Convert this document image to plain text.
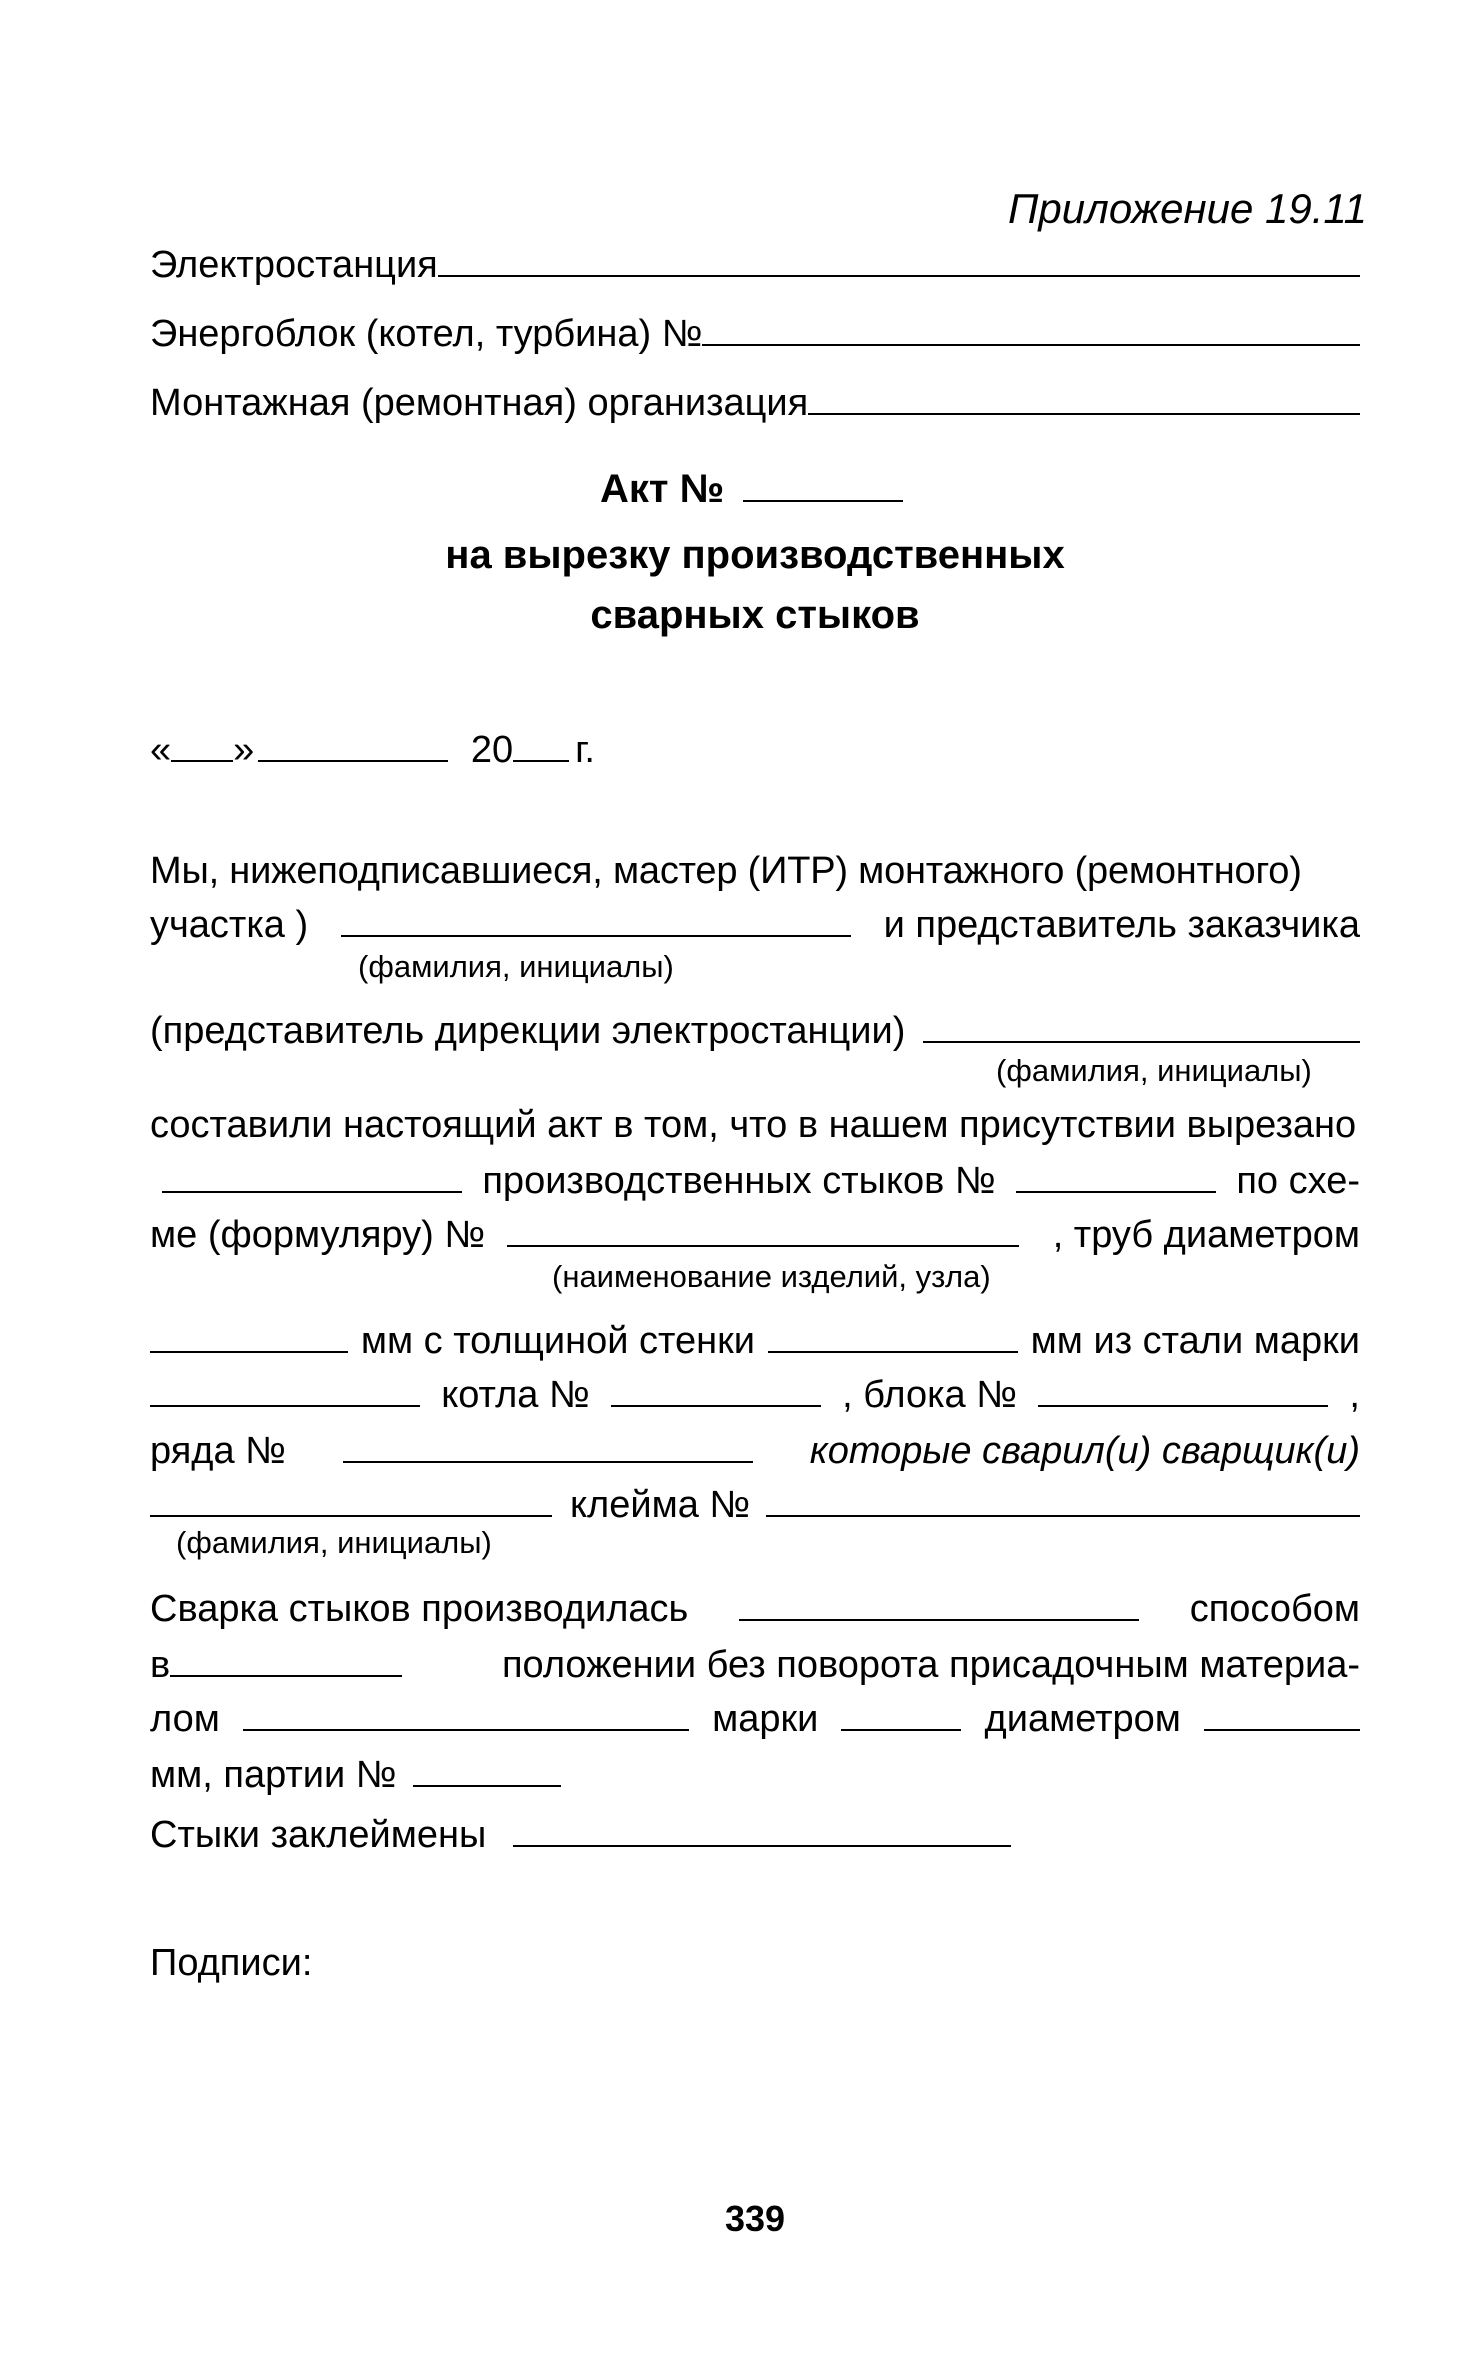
Приложение 19.11
Электростанция
Энергоблок (котел, турбина) №
Монтажная (ремонтная) организация
Акт №
на вырезку производственных
сварных стыков
« »	20 г.
Мы, нижеподписавшиеся, мастер (ИТР) монтажного (ремонтного)
участка )	и представитель заказчика
(фамилия, инициалы)
(представитель дирекции электростанции)
(фамилия, инициалы)
составили настоящий акт в том, что в нашем присутствии вырезано
производственных стыков №	по схе-
ме (формуляру) №	, труб диаметром
(наименование изделий, узла)
мм с толщиной стенки	мм из стали марки
котла №	, блока №	,
ряда №	которые сварил(и) сварщик(и)
клейма №
(фамилия, инициалы)
Сварка стыков производилась	способом
в	положении без поворота присадочным материа-
лом	марки	диаметром
мм, партии №
Стыки заклеймены
Подписи:
339
